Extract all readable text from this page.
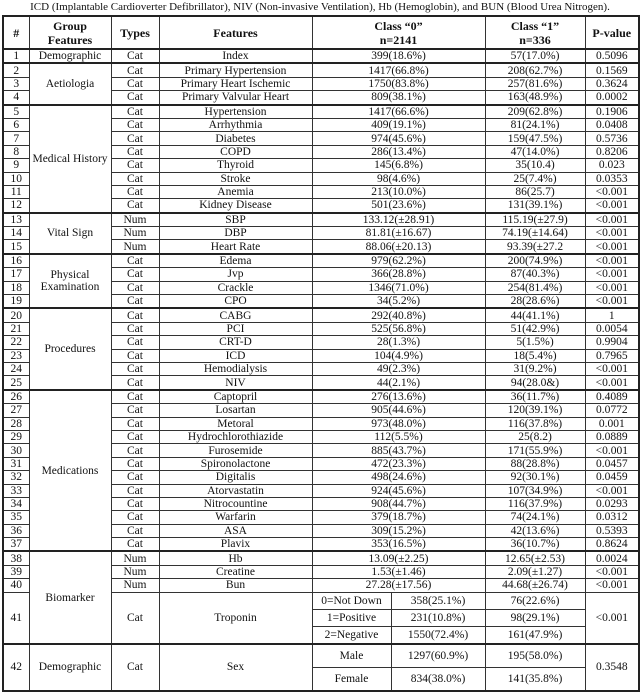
ICD (Implantable Cardioverter Defibrillator), NIV (Non-invasive Ventilation), Hb (Hemoglobin), and BUN (Blood Urea Nitrogen).
#	Group Features	Types	Features	Class “0” n=2141		Class “1” n=336	P-value
1	Demographic	Cat	Index	399(18.6%)		57(17.0%)	0.5096
2	Aetiologia	Cat	Primary Hypertension	1417(66.8%)		208(62.7%)	0.1569
3		Cat	Primary Heart Ischemic	1750(83.8%)		257(81.6%)	0.3624
4		Cat	Primary Valvular Heart	809(38.1%)		163(48.9%)	0.0002
5	Medical History	Cat	Hypertension	1417(66.6%)		209(62.8%)	0.1906
6		Cat	Arrhythmia	409(19.1%)		81(24.1%)	0.0408
7		Cat	Diabetes	974(45.6%)		159(47.5%)	0.5736
8		Cat	COPD	286(13.4%)		47(14.0%)	0.8206
9		Cat	Thyroid	145(6.8%)		35(10.4)	0.023
10		Cat	Stroke	98(4.6%)		25(7.4%)	0.0353
11		Cat	Anemia	213(10.0%)		86(25.7)	<0.001
12		Cat	Kidney Disease	501(23.6%)		131(39.1%)	<0.001
13	Vital Sign	Num	SBP	133.12(±28.91)		115.19(±27.9)	<0.001
14		Num	DBP	81.81(±16.67)		74.19(±14.64)	<0.001
15		Num	Heart Rate	88.06(±20.13)		93.39(±27.2	<0.001
16	Physical Examination	Cat	Edema	979(62.2%)		200(74.9%)	<0.001
17		Cat	Jvp	366(28.8%)		87(40.3%)	<0.001
18		Cat	Crackle	1346(71.0%)		254(81.4%)	<0.001
19		Cat	CPO	34(5.2%)		28(28.6%)	<0.001
20	Procedures	Cat	CABG	292(40.8%)		44(41.1%)	1
21		Cat	PCI	525(56.8%)		51(42.9%)	0.0054
22		Cat	CRT-D	28(1.3%)		5(1.5%)	0.9904
23		Cat	ICD	104(4.9%)		18(5.4%)	0.7965
24		Cat	Hemodialysis	49(2.3%)		31(9.2%)	<0.001
25		Cat	NIV	44(2.1%)		94(28.0&)	<0.001
26	Medications	Cat	Captopril	276(13.6%)		36(11.7%)	0.4089
27		Cat	Losartan	905(44.6%)		120(39.1%)	0.0772
28		Cat	Metoral	973(48.0%)		116(37.8%)	0.001
29		Cat	Hydrochlorothiazide	112(5.5%)		25(8.2)	0.0889
30		Cat	Furosemide	885(43.7%)		171(55.9%)	<0.001
31		Cat	Spironolactone	472(23.3%)		88(28.8%)	0.0457
32		Cat	Digitalis	498(24.6%)		92(30.1%)	0.0459
33		Cat	Atorvastatin	924(45.6%)		107(34.9%)	<0.001
34		Cat	Nitrocountine	908(44.7%)		116(37.9%)	0.0293
35		Cat	Warfarin	379(18.7%)		74(24.1%)	0.0312
36		Cat	ASA	309(15.2%)		42(13.6%)	0.5393
37		Cat	Plavix	353(16.5%)		36(10.7%)	0.8624
38	Biomarker	Num	Hb	13.09(±2.25)		12.65(±2.53)	0.0024
39		Num	Creatine	1.53(±1.46)		2.09(±1.27)	<0.001
40		Num	Bun	27.28(±17.56)		44.68(±26.74)	<0.001
41		Cat	Troponin	0=Not Down	358(25.1%)	76(22.6%)	<0.001
				1=Positive	231(10.8%)	98(29.1%)	
				2=Negative	1550(72.4%)	161(47.9%)	
42	Demographic	Cat	Sex	Male	1297(60.9%)	195(58.0%)	0.3548
				Female	834(38.0%)	141(35.8%)	
